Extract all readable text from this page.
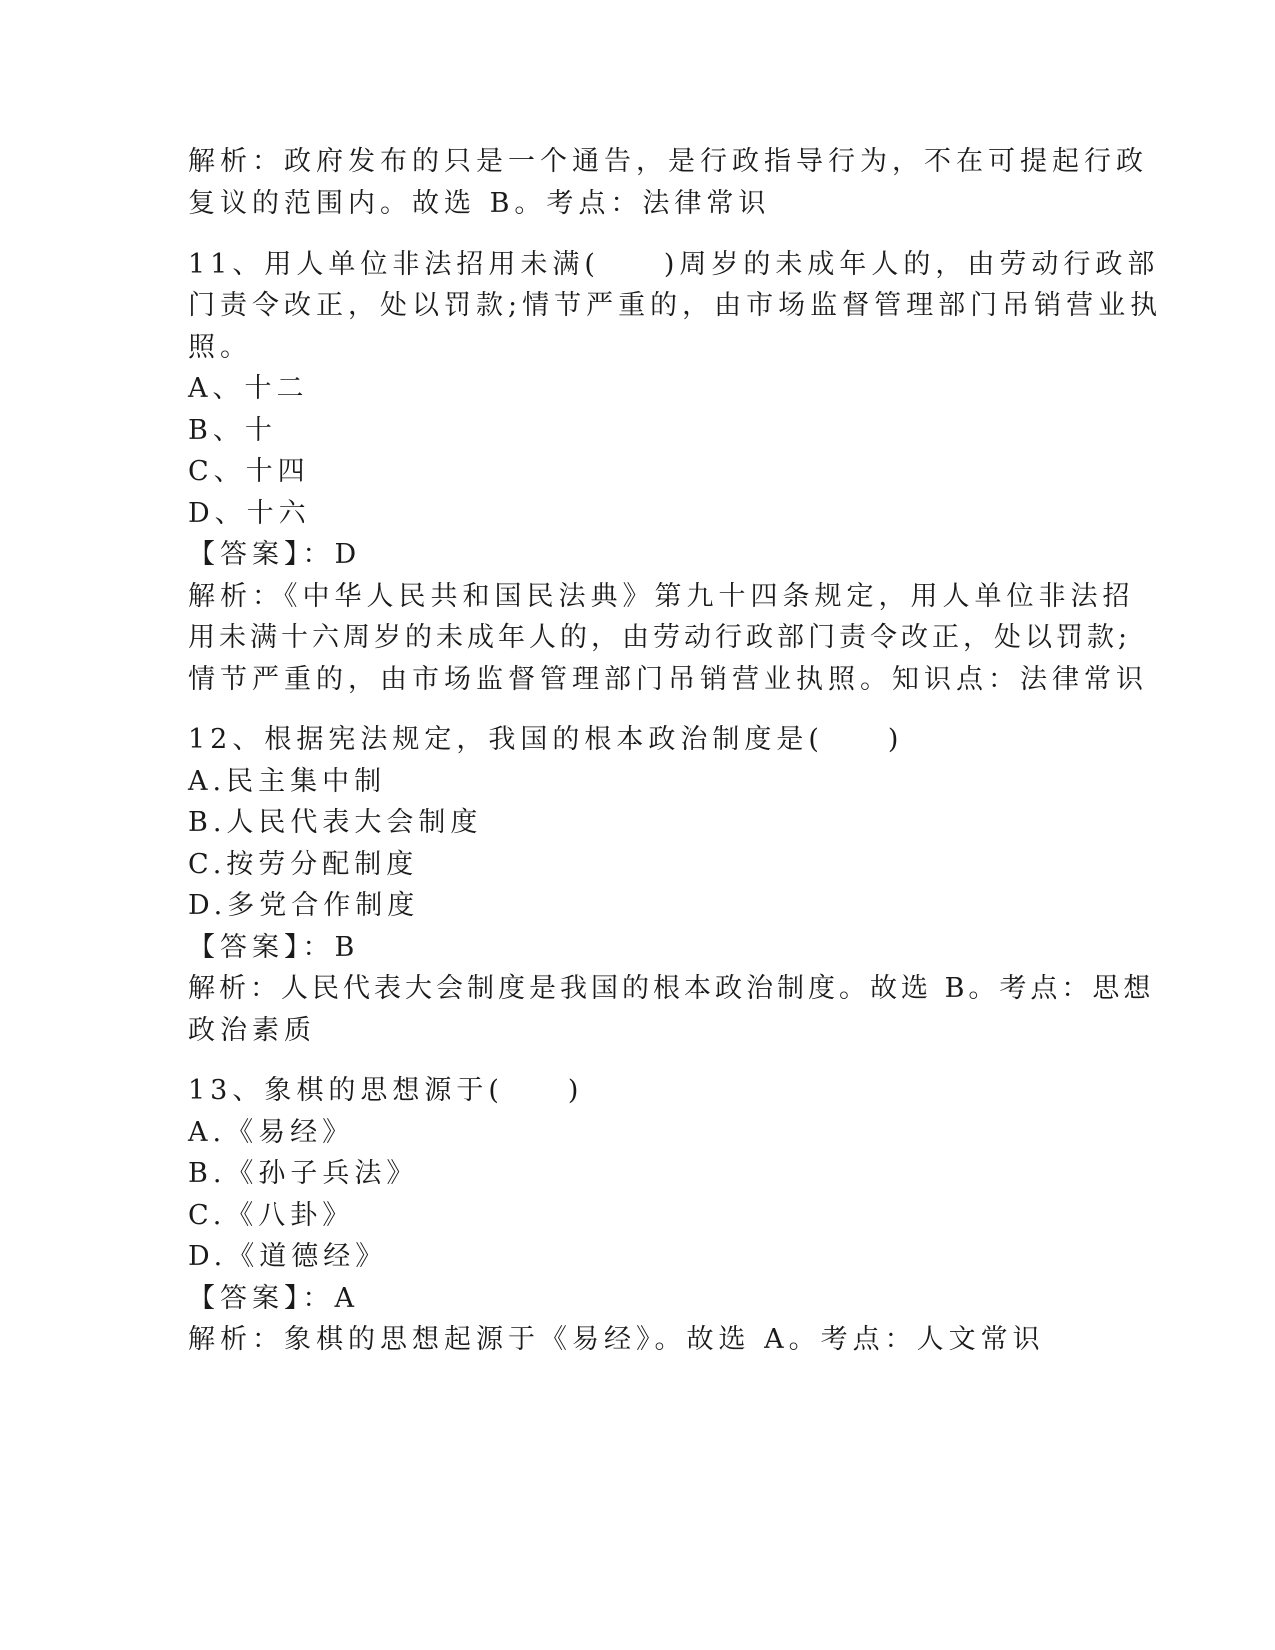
解析：政府发布的只是一个通告，是行政指导行为，不在可提起行政
复议的范围内。故选 B。考点：法律常识
11、用人单位非法招用未满(　　)周岁的未成年人的，由劳动行政部
门责令改正，处以罚款;情节严重的，由市场监督管理部门吊销营业执
照。
A、十二
B、十
C、十四
D、十六
【答案】：D
解析：《中华人民共和国民法典》第九十四条规定，用人单位非法招
用未满十六周岁的未成年人的，由劳动行政部门责令改正，处以罚款;
情节严重的，由市场监督管理部门吊销营业执照。知识点：法律常识
12、根据宪法规定，我国的根本政治制度是(　　)
A.民主集中制
B.人民代表大会制度
C.按劳分配制度
D.多党合作制度
【答案】：B
解析：人民代表大会制度是我国的根本政治制度。故选 B。考点：思想
政治素质
13、象棋的思想源于(　　)
A.《易经》
B.《孙子兵法》
C.《八卦》
D.《道德经》
【答案】：A
解析：象棋的思想起源于《易经》。故选 A。考点：人文常识
